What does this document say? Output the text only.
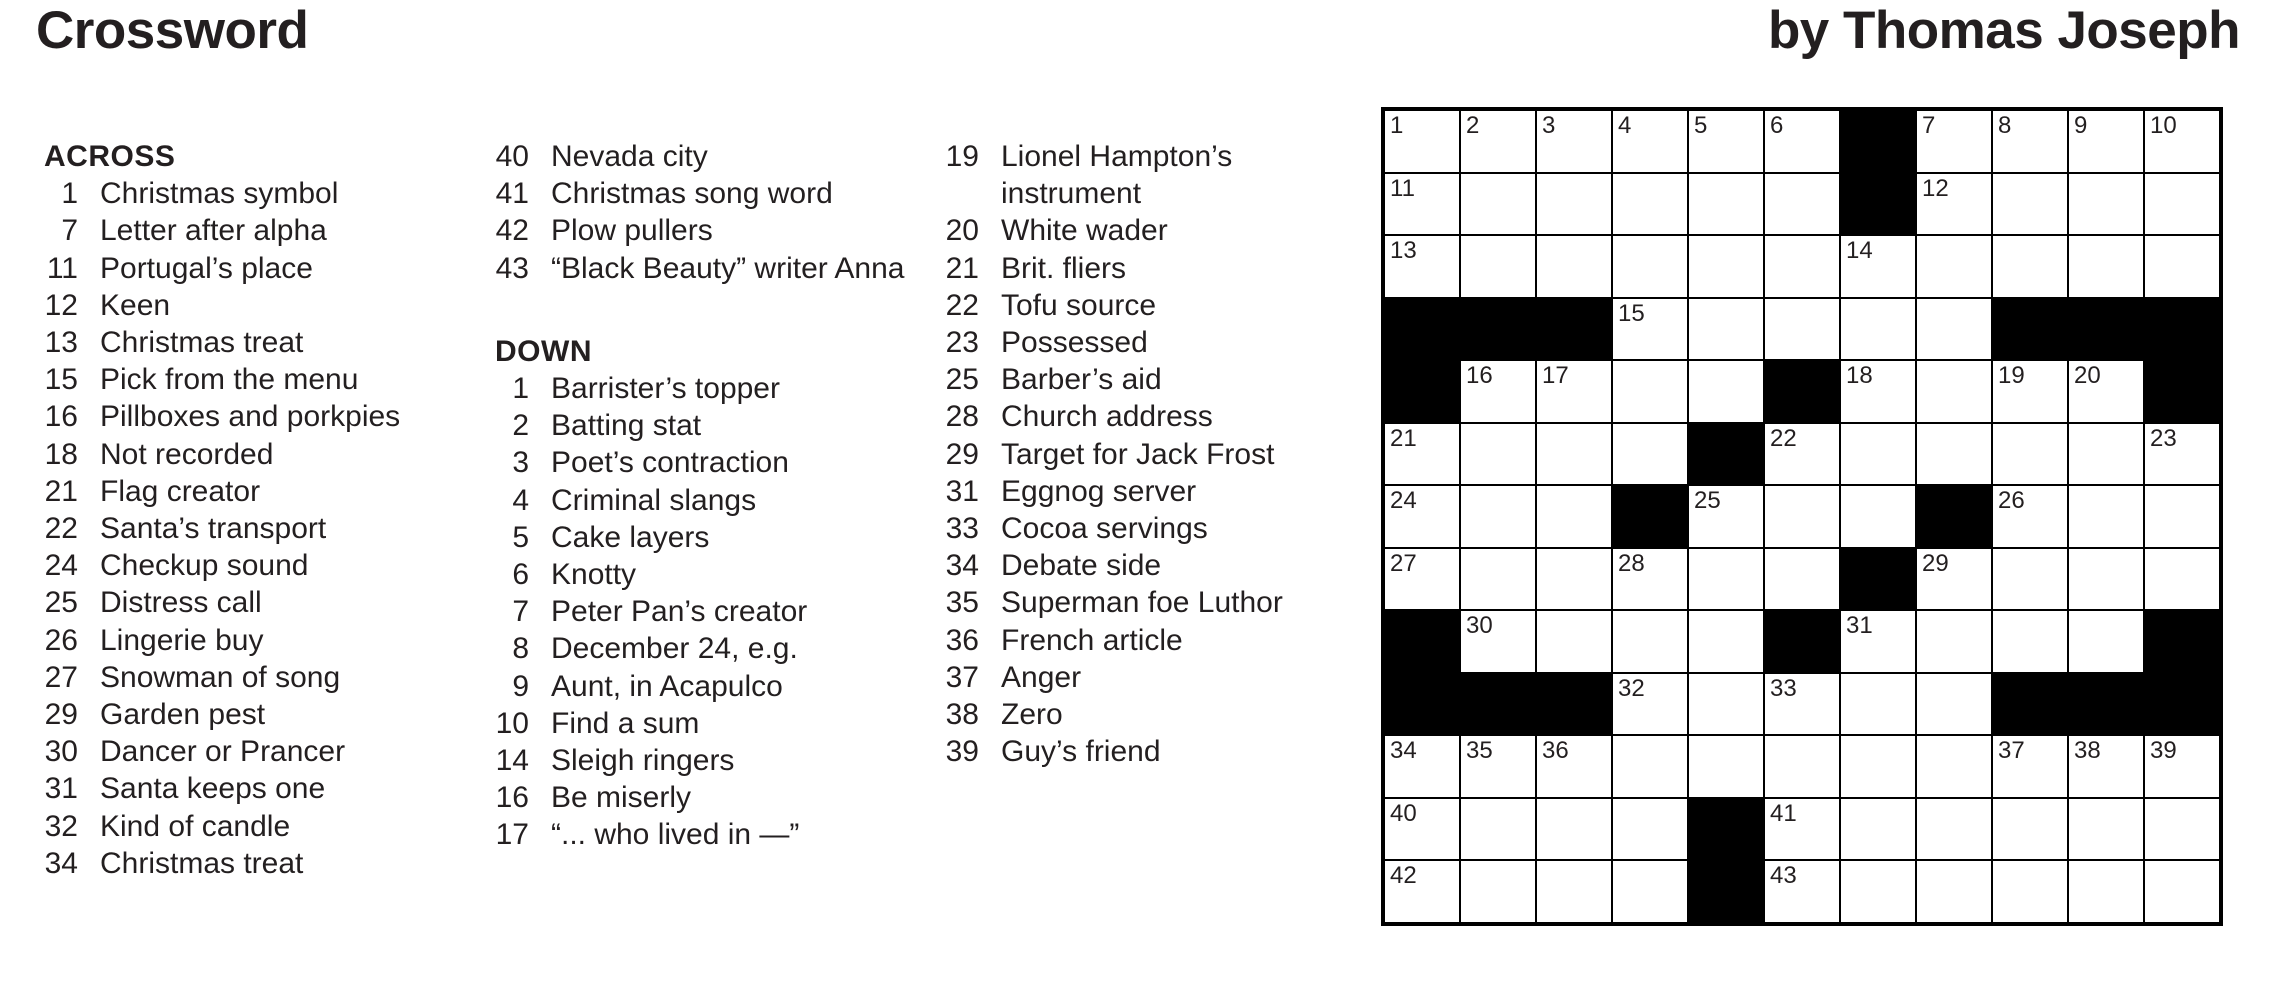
Crossword	by Thomas Joseph
ACROSS
1 Christmas symbol
7 Letter after alpha
11 Portugal’s place
12 Keen
13 Christmas treat
15 Pick from the menu
16 Pillboxes and porkpies
18 Not recorded
21 Flag creator
22 Santa’s transport
24 Checkup sound
25 Distress call
26 Lingerie buy
27 Snowman of song
29 Garden pest
30 Dancer or Prancer
31 Santa keeps one
32 Kind of candle
34 Christmas treat
40 Nevada city
41 Christmas song word
42 Plow pullers
43 “Black Beauty” writer Anna
DOWN
1 Barrister’s topper
2 Batting stat
3 Poet’s contraction
4 Criminal slangs
5 Cake layers
6 Knotty
7 Peter Pan’s creator
8 December 24, e.g.
9 Aunt, in Acapulco
10 Find a sum
14 Sleigh ringers
16 Be miserly
17 “... who lived in —”
19 Lionel Hampton’s instrument
20 White wader
21 Brit. fliers
22 Tofu source
23 Possessed
25 Barber’s aid
28 Church address
29 Target for Jack Frost
31 Eggnog server
33 Cocoa servings
34 Debate side
35 Superman foe Luthor
36 French article
37 Anger
38 Zero
39 Guy’s friend
1	2	3	4	5	6	7	8	9	10
11	12
13	14
15
16	17	18	19	20
21	22	23
24	25	26
27	28	29
30	31
32	33
34	35	36	37	38	39
40	41
42	43
